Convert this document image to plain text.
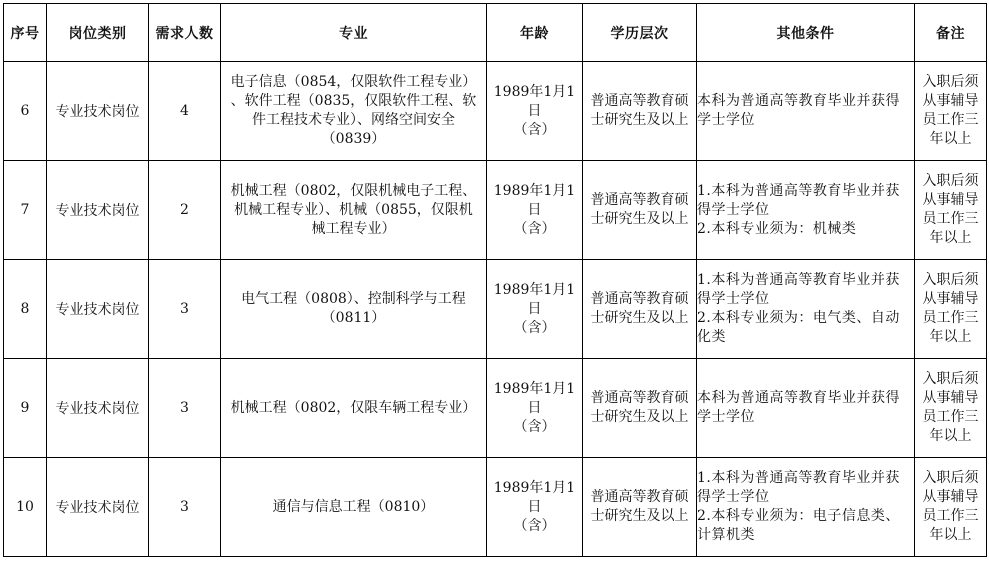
序号	岗位类别	需求人数	专业	年龄	学历层次	其他条件	备注
6	专业技术岗位	4	电子信息（0854，仅限软件工程专业）
、软件工程（0835，仅限软件工程、软
件工程技术专业）、网络空间安全
（0839）	1989年1月1日
（含）	普通高等教育硕
士研究生及以上	本科为普通高等教育毕业并获得
学士学位	入职后须
从事辅导
员工作三
年以上

7	专业技术岗位	2	机械工程（0802，仅限机械电子工程、
机械工程专业）、机械（0855，仅限机
械工程专业）	1989年1月1日
（含）	普通高等教育硕
士研究生及以上	1.本科为普通高等教育毕业并获
得学士学位
2.本科专业须为：机械类	入职后须
从事辅导
员工作三
年以上

8	专业技术岗位	3	电气工程（0808）、控制科学与工程
（0811）	1989年1月1日
（含）	普通高等教育硕
士研究生及以上	1.本科为普通高等教育毕业并获
得学士学位
2.本科专业须为：电气类、自动
化类	入职后须
从事辅导
员工作三
年以上

9	专业技术岗位	3	机械工程（0802，仅限车辆工程专业）	1989年1月1日
（含）	普通高等教育硕
士研究生及以上	本科为普通高等教育毕业并获得
学士学位	入职后须
从事辅导
员工作三
年以上

10	专业技术岗位	3	通信与信息工程（0810）	1989年1月1日
（含）	普通高等教育硕
士研究生及以上	1.本科为普通高等教育毕业并获
得学士学位
2.本科专业须为：电子信息类、
计算机类	入职后须
从事辅导
员工作三
年以上
